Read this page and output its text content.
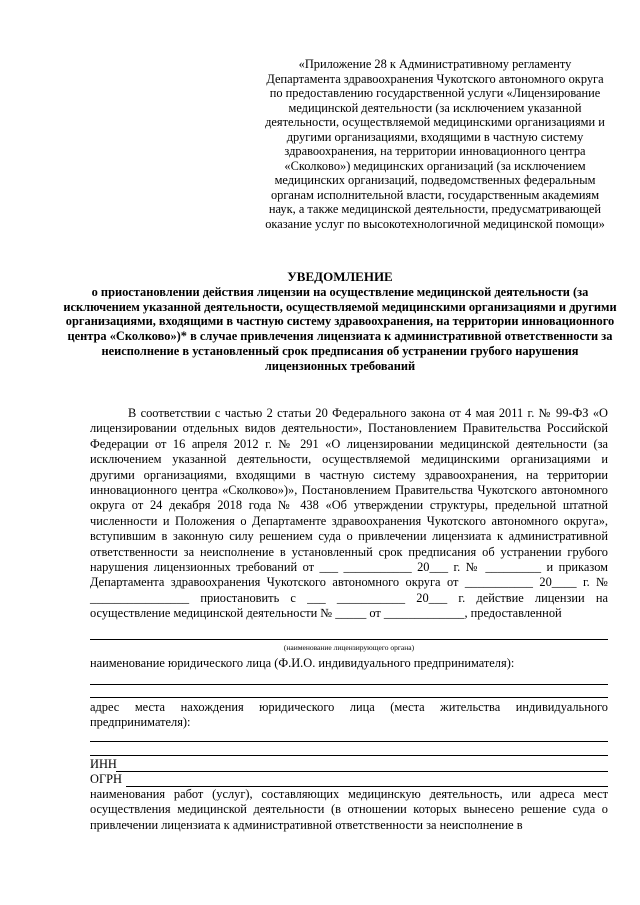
«Приложение 28 к Административному регламенту Департамента здравоохранения Чукотского автономного округа по предоставлению государственной услуги «Лицензирование медицинской деятельности (за исключением указанной деятельности, осуществляемой медицинскими организациями и другими организациями, входящими в частную систему здравоохранения, на территории инновационного центра «Сколково») медицинских организаций (за исключением медицинских организаций, подведомственных федеральным органам исполнительной власти, государственным академиям наук, а также медицинской деятельности, предусматривающей оказание услуг по высокотехнологичной медицинской помощи»
УВЕДОМЛЕНИЕ
о приостановлении действия лицензии на осуществление медицинской деятельности (за исключением указанной деятельности, осуществляемой медицинскими организациями и другими организациями, входящими в частную систему здравоохранения, на территории инновационного центра «Сколково»)* в случае привлечения лицензиата к административной ответственности за неисполнение в установленный срок предписания об устранении грубого нарушения лицензионных требований
В соответствии с частью 2 статьи 20 Федерального закона от 4 мая 2011 г. № 99-ФЗ «О лицензировании отдельных видов деятельности», Постановлением Правительства Российской Федерации от 16 апреля 2012 г. № 291 «О лицензировании медицинской деятельности (за исключением указанной деятельности, осуществляемой медицинскими организациями и другими организациями, входящими в частную систему здравоохранения, на территории инновационного центра «Сколково»)», Постановлением Правительства Чукотского автономного округа от 24 декабря 2018 года № 438 «Об утверждении структуры, предельной штатной численности и Положения о Департаменте здравоохранения Чукотского автономного округа», вступившим в законную силу решением суда о привлечении лицензиата к административной ответственности за неисполнение в установленный срок предписания об устранении грубого нарушения лицензионных требований от ___ ___________ 20___ г. № _________ и приказом Департамента здравоохранения Чукотского автономного округа от ___________ 20____ г. № ________________ приостановить с ___ ___________ 20___ г. действие лицензии на осуществление медицинской деятельности № _____ от _____________, предоставленной
(наименование лицензирующего органа)
наименование юридического лица (Ф.И.О. индивидуального предпринимателя):
адрес места нахождения юридического лица (места жительства индивидуального предпринимателя):
ИНН
ОГРН
наименования работ (услуг), составляющих медицинскую деятельность, или адреса мест осуществления медицинской деятельности (в отношении которых вынесено решение суда о привлечении лицензиата к административной ответственности за неисполнение в
